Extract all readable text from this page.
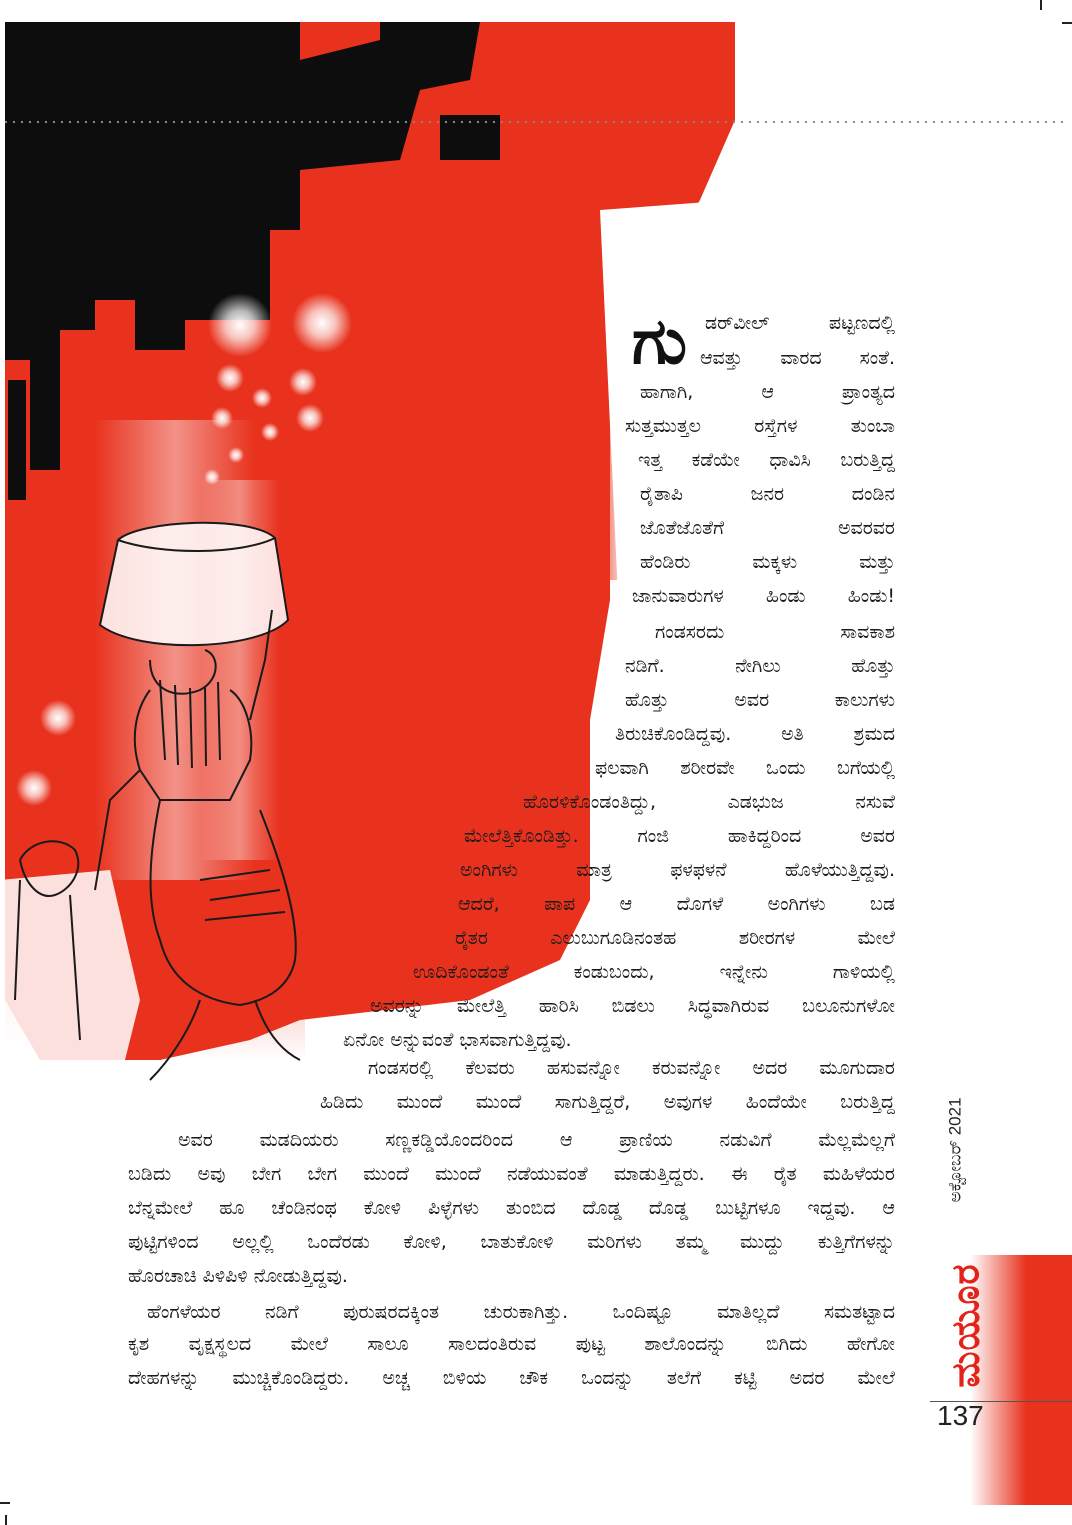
ಗು ಡರ್‌ವೀಲ್	ಪಟ್ಟಣದಲ್ಲಿ
ಆವತ್ತು ವಾರದ ಸಂತೆ.
ಹಾಗಾಗಿ,	ಆ	ಪ್ರಾಂತ್ಯದ
ಸುತ್ತಮುತ್ತಲ	ರಸ್ತೆಗಳ	ತುಂಬಾ
ಇತ್ತ ಕಡೆಯೇ ಧಾವಿಸಿ ಬರುತ್ತಿದ್ದ
ರೈತಾಪಿ	ಜನರ	ದಂಡಿನ
ಜೊತೆಜೊತೆಗೆ	ಅವರವರ
ಹೆಂಡಿರು	ಮಕ್ಕಳು	ಮತ್ತು
ಜಾನುವಾರುಗಳ ಹಿಂಡು ಹಿಂಡು!
ಗಂಡಸರದು	ಸಾವಕಾಶ
ನಡಿಗೆ.	ನೇಗಿಲು	ಹೊತ್ತು
ಹೊತ್ತು	ಅವರ	ಕಾಲುಗಳು
ತಿರುಚಿಕೊಂಡಿದ್ದವು.	ಅತಿ	ಶ್ರಮದ
ಫಲವಾಗಿ ಶರೀರವೇ ಒಂದು ಬಗೆಯಲ್ಲಿ
ಹೊರಳಿಕೊಂಡಂತಿದ್ದು,	ಎಡಭುಜ	ನಸುವೆ
ಮೇಲೆತ್ತಿಕೊಂಡಿತ್ತು.	ಗಂಜಿ	ಹಾಕಿದ್ದರಿಂದ	ಅವರ
ಅಂಗಿಗಳು	ಮಾತ್ರ	ಫಳಫಳನೆ	ಹೊಳೆಯುತ್ತಿದ್ದವು.
ಆದರೆ, ಪಾಪ ಆ ದೊಗಳೆ ಅಂಗಿಗಳು ಬಡ
ರೈತರ	ಎಲುಬುಗೂಡಿನಂತಹ	ಶರೀರಗಳ	ಮೇಲೆ
ಊದಿಕೊಂಡಂತೆ	ಕಂಡುಬಂದು,	ಇನ್ನೇನು	ಗಾಳಿಯಲ್ಲಿ
ಅವರನ್ನು ಮೇಲೆತ್ತಿ ಹಾರಿಸಿ ಬಿಡಲು ಸಿದ್ಧವಾಗಿರುವ ಬಲೂನುಗಳೋ
ಏನೋ ಅನ್ನುವಂತೆ ಭಾಸವಾಗುತ್ತಿದ್ದವು.
ಗಂಡಸರಲ್ಲಿ ಕೆಲವರು ಹಸುವನ್ನೋ ಕರುವನ್ನೋ ಅದರ ಮೂಗುದಾರ
ಹಿಡಿದು ಮುಂದೆ ಮುಂದೆ ಸಾಗುತ್ತಿದ್ದರೆ, ಅವುಗಳ ಹಿಂದೆಯೇ ಬರುತ್ತಿದ್ದ
ಅವರ ಮಡದಿಯರು ಸಣ್ಣಕಡ್ಡಿಯೊಂದರಿಂದ ಆ ಪ್ರಾಣಿಯ ನಡುವಿಗೆ ಮೆಲ್ಲಮೆಲ್ಲಗೆ
ಬಡಿದು ಅವು ಬೇಗ ಬೇಗ ಮುಂದೆ ಮುಂದೆ ನಡೆಯುವಂತೆ ಮಾಡುತ್ತಿದ್ದರು. ಈ ರೈತ ಮಹಿಳೆಯರ
ಬೆನ್ನಮೇಲೆ ಹೂ ಚೆಂಡಿನಂಥ ಕೋಳಿ ಪಿಳ್ಳೆಗಳು ತುಂಬಿದ ದೊಡ್ಡ ದೊಡ್ಡ ಬುಟ್ಟಿಗಳೂ ಇದ್ದವು. ಆ
ಪುಟ್ಟಿಗಳಿಂದ ಅಲ್ಲಲ್ಲಿ ಒಂದೆರಡು ಕೋಳಿ, ಬಾತುಕೋಳಿ ಮರಿಗಳು ತಮ್ಮ ಮುದ್ದು ಕುತ್ತಿಗೆಗಳನ್ನು
ಹೊರಚಾಚಿ ಪಿಳಿಪಿಳಿ ನೋಡುತ್ತಿದ್ದವು.
ಹೆಂಗಳೆಯರ ನಡಿಗೆ ಪುರುಷರದಕ್ಕಿಂತ ಚುರುಕಾಗಿತ್ತು. ಒಂದಿಷ್ಟೂ ಮಾತಿಲ್ಲದೆ ಸಮತಟ್ಟಾದ
ಕೃಶ ವೃಕ್ಷಸ್ಥಲದ ಮೇಲೆ ಸಾಲೂ ಸಾಲದಂತಿರುವ ಪುಟ್ಟ ಶಾಲೊಂದನ್ನು ಬಿಗಿದು ಹೇಗೋ
ದೇಹಗಳನ್ನು ಮುಚ್ಚಿಕೊಂಡಿದ್ದರು. ಅಚ್ಚ ಬಿಳಿಯ ಚೌಕ ಒಂದನ್ನು ತಲೆಗೆ ಕಟ್ಟಿ ಅದರ ಮೇಲೆ
ಅಕ್ಟೋಬರ್ 2021
ಮಯೂರ
137
